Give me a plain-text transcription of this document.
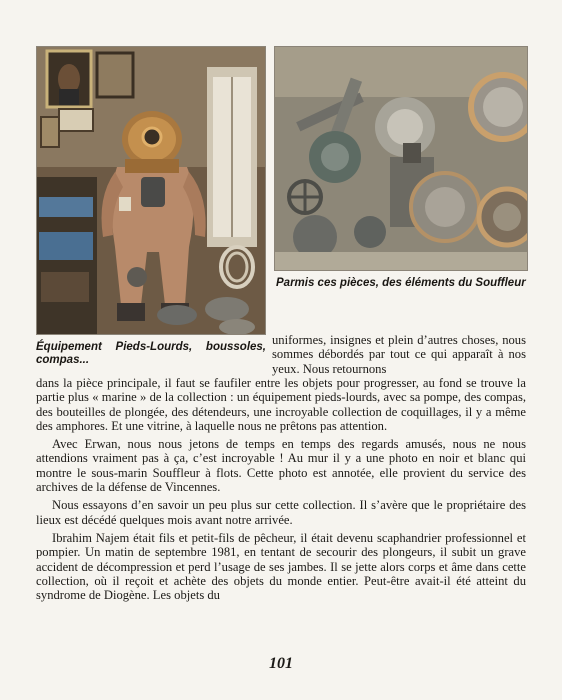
Parmis ces pièces, des éléments du Souffleur
Équipement Pieds-Lourds, boussoles, compas...

uniformes, insignes et plein d’autres choses, nous sommes débordés par tout ce qui apparaît à nos yeux. Nous retournons

dans la pièce principale, il faut se faufiler entre les objets pour progresser, au fond se trouve la partie plus « marine » de la collection : un équipement pieds-lourds, avec sa pompe, des compas, des bouteilles de plongée, des détendeurs, une incroyable collection de coquillages, il y a même des amphores. Et une vitrine, à laquelle nous ne prêtons pas attention.

Avec Erwan, nous nous jetons de temps en temps des regards amusés, nous ne nous attendions vraiment pas à ça, c’est incroyable ! Au mur il y a une photo en noir et blanc qui montre le sous-marin Souffleur à flots. Cette photo est annotée, elle provient du service des archives de la défense de Vincennes.

Nous essayons d’en savoir un peu plus sur cette collection. Il s’avère que le propriétaire des lieux est décédé quelques mois avant notre arrivée.

Ibrahim Najem était fils et petit-fils de pêcheur, il était devenu scaphandrier professionnel et pompier. Un matin de septembre 1981, en tentant de secourir des plongeurs, il subit un grave accident de décompression et perd l’usage de ses jambes. Il se jette alors corps et âme dans cette collection, où il reçoit et achète des objets du monde entier. Peut-être avait-il été atteint du syndrome de Diogène. Les objets du

101
